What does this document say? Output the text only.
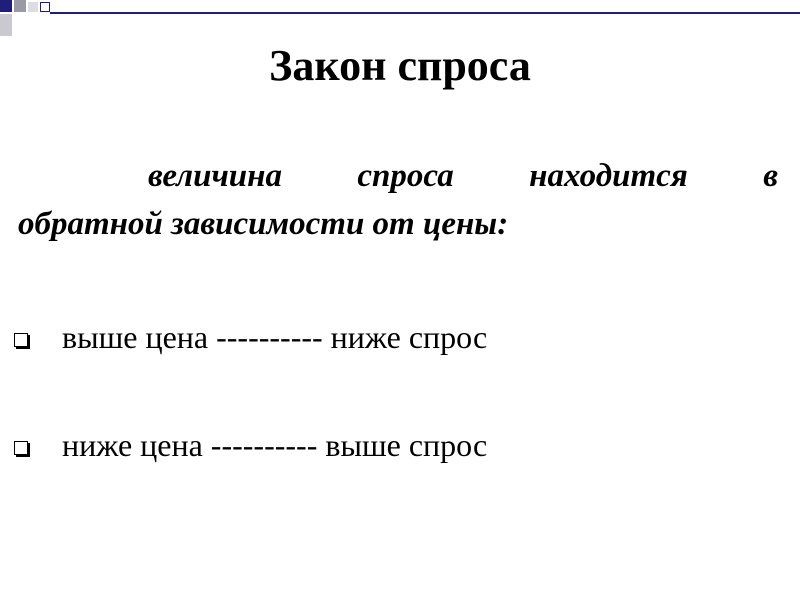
Закон спроса
величина спроса находится в
обратной зависимости от цены:
выше цена ---------- ниже спрос
ниже цена ---------- выше спрос
